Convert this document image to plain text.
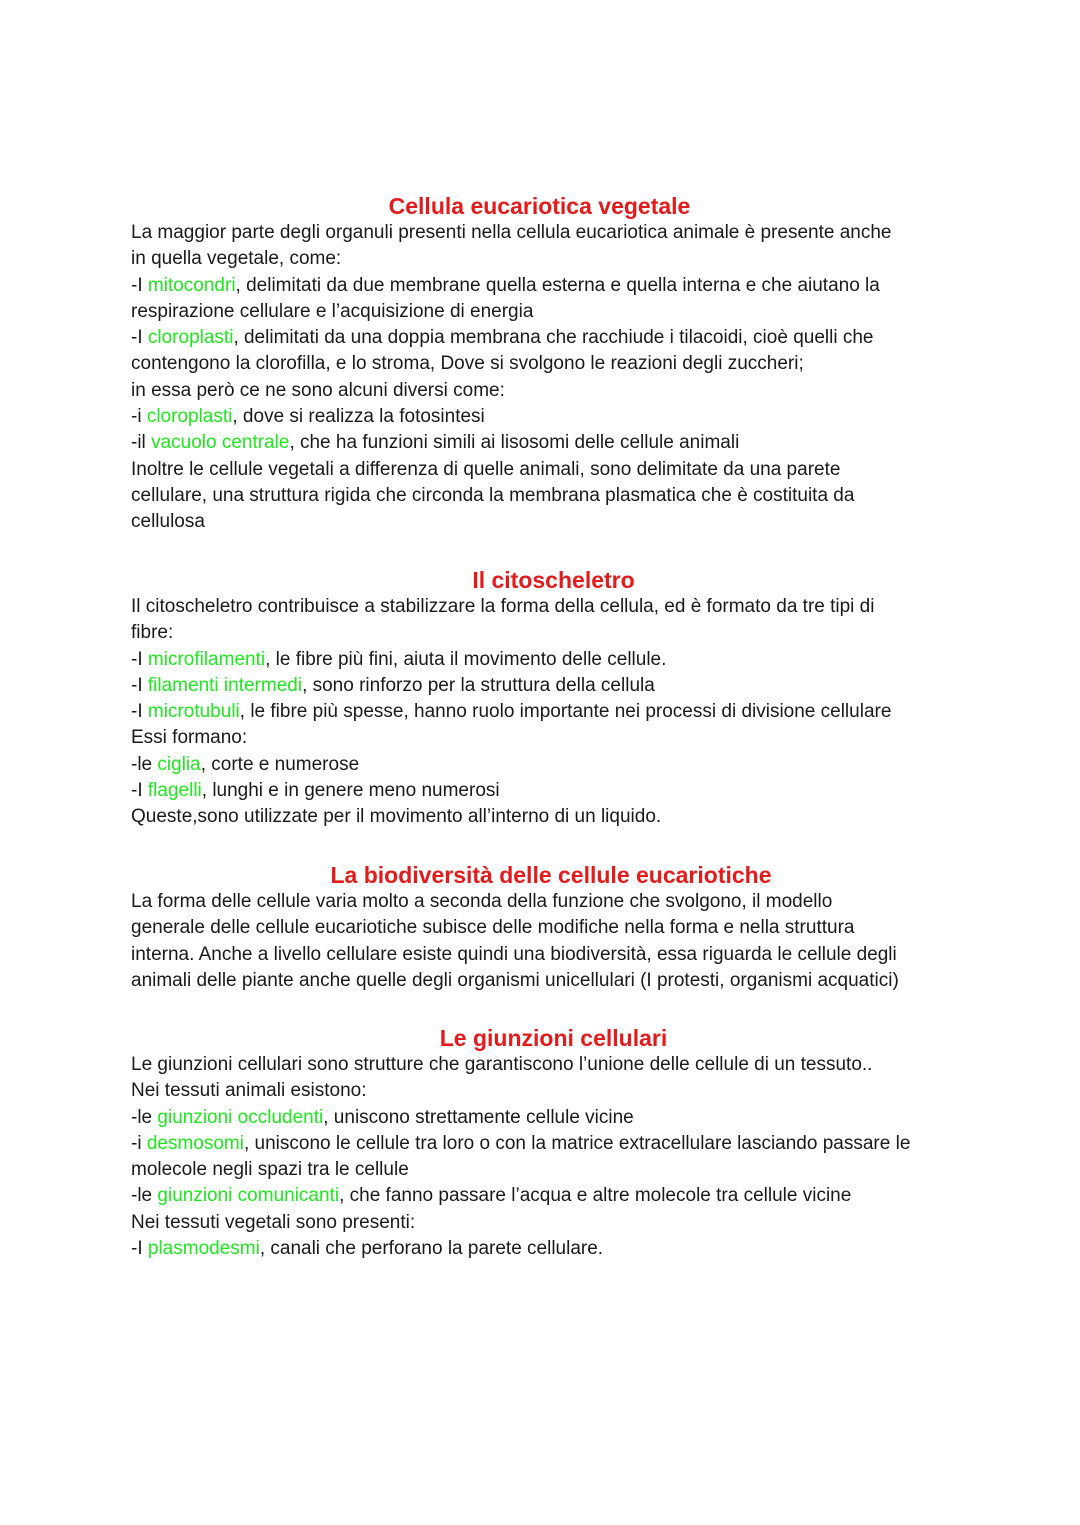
Cellula eucariotica vegetale
La maggior parte degli organuli presenti nella cellula eucariotica animale è presente anche
in quella vegetale, come:
-I mitocondri, delimitati da due membrane quella esterna e quella interna e che aiutano la
respirazione cellulare e l’acquisizione di energia
-I cloroplasti, delimitati da una doppia membrana che racchiude i tilacoidi, cioè quelli che
contengono la clorofilla, e lo stroma, Dove si svolgono le reazioni degli zuccheri;
in essa però ce ne sono alcuni diversi come:
-i cloroplasti, dove si realizza la fotosintesi
-il vacuolo centrale, che ha funzioni simili ai lisosomi delle cellule animali
Inoltre le cellule vegetali a differenza di quelle animali, sono delimitate da una parete
cellulare, una struttura rigida che circonda la membrana plasmatica che è costituita da
cellulosa
Il citoscheletro
Il citoscheletro contribuisce a stabilizzare la forma della cellula, ed è formato da tre tipi di
fibre:
-I microfilamenti, le fibre più fini, aiuta il movimento delle cellule.
-I filamenti intermedi, sono rinforzo per la struttura della cellula
-I microtubuli, le fibre più spesse, hanno ruolo importante nei processi di divisione cellulare
Essi formano:
-le ciglia, corte e numerose
-I flagelli, lunghi e in genere meno numerosi
Queste,sono utilizzate per il movimento all’interno di un liquido.
La biodiversità delle cellule eucariotiche
La forma delle cellule varia molto a seconda della funzione che svolgono, il modello
generale delle cellule eucariotiche subisce delle modifiche nella forma e nella struttura
interna. Anche a livello cellulare esiste quindi una biodiversità, essa riguarda le cellule degli
animali delle piante anche quelle degli organismi unicellulari (I protesti, organismi acquatici)
Le giunzioni cellulari
Le giunzioni cellulari sono strutture che garantiscono l’unione delle cellule di un tessuto..
Nei tessuti animali esistono:
-le giunzioni occludenti, uniscono strettamente cellule vicine
-i desmosomi, uniscono le cellule tra loro o con la matrice extracellulare lasciando passare le
molecole negli spazi tra le cellule
-le giunzioni comunicanti, che fanno passare l’acqua e altre molecole tra cellule vicine
Nei tessuti vegetali sono presenti:
-I plasmodesmi, canali che perforano la parete cellulare.
